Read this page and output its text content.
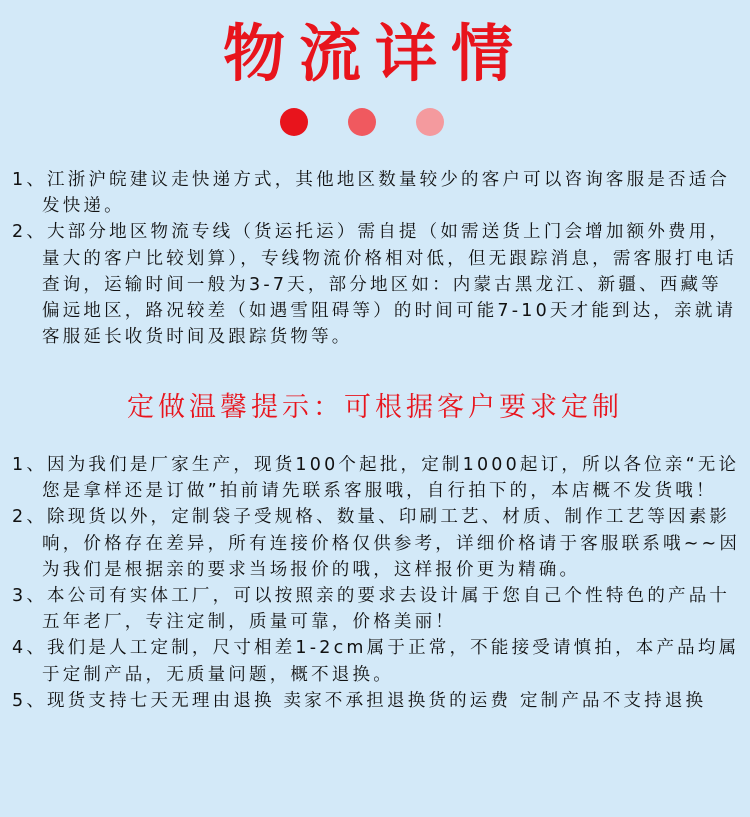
物流详情
1、江浙沪皖建议走快递方式，其他地区数量较少的客户可以咨询客服是否适合发快递。
2、大部分地区物流专线（货运托运）需自提（如需送货上门会增加额外费用，量大的客户比较划算），专线物流价格相对低，但无跟踪消息，需客服打电话查询，运输时间一般为3-7天，部分地区如：内蒙古黑龙江、新疆、西藏等偏远地区，路况较差（如遇雪阻碍等）的时间可能7-10天才能到达，亲就请客服延长收货时间及跟踪货物等。
定做温馨提示：可根据客户要求定制
1、因为我们是厂家生产，现货100个起批，定制1000起订，所以各位亲“无论您是拿样还是订做”拍前请先联系客服哦，自行拍下的，本店概不发货哦！
2、除现货以外，定制袋子受规格、数量、印刷工艺、材质、制作工艺等因素影响，价格存在差异，所有连接价格仅供参考，详细价格请于客服联系哦~~因为我们是根据亲的要求当场报价的哦，这样报价更为精确。
3、本公司有实体工厂，可以按照亲的要求去设计属于您自己个性特色的产品十五年老厂，专注定制，质量可靠，价格美丽！
4、我们是人工定制，尺寸相差1-2cm属于正常，不能接受请慎拍，本产品均属于定制产品，无质量问题，概不退换。
5、现货支持七天无理由退换 卖家不承担退换货的运费 定制产品不支持退换
